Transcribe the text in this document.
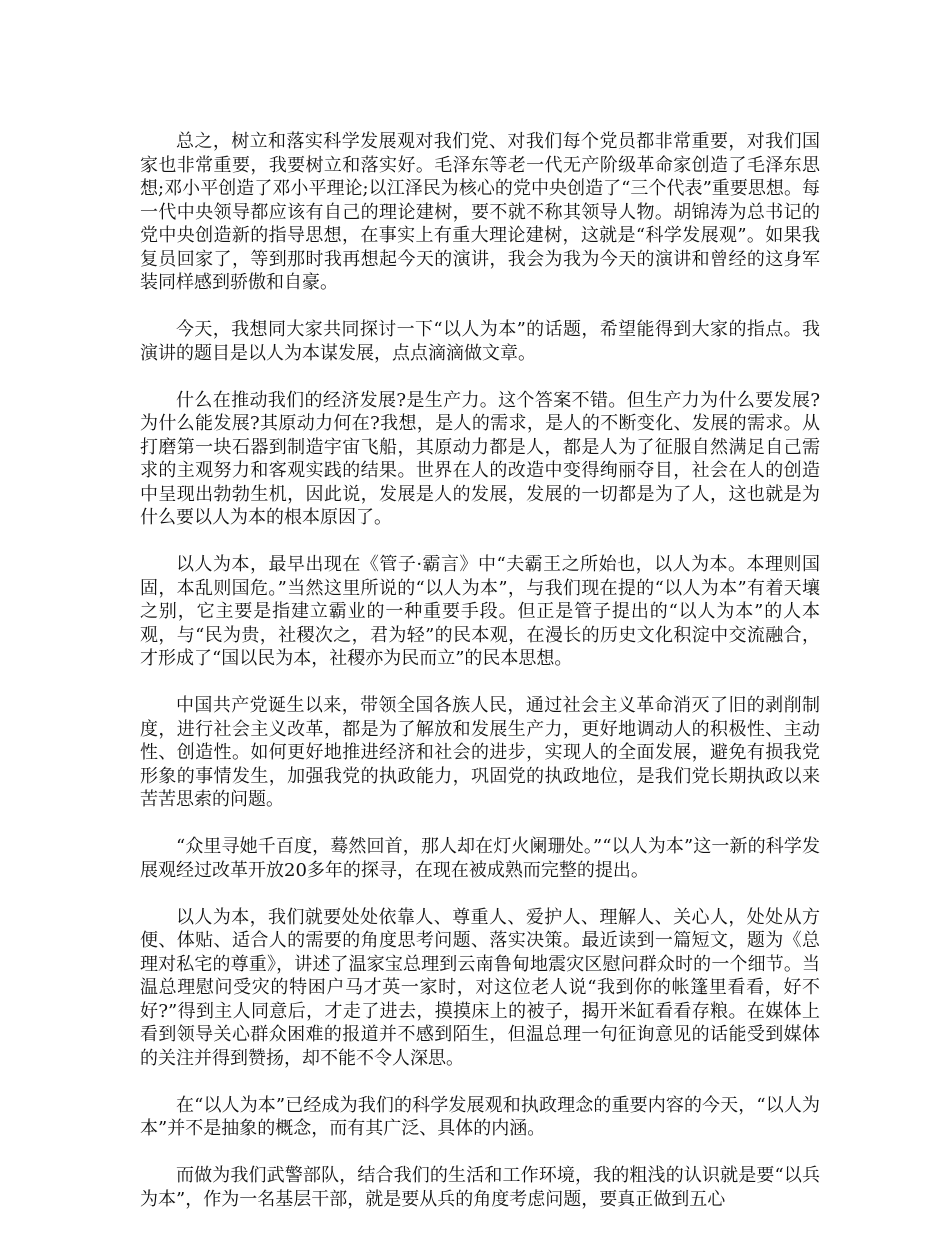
总之，树立和落实科学发展观对我们党、对我们每个党员都非常重要，对我们国家也非常重要，我要树立和落实好。毛泽东等老一代无产阶级革命家创造了毛泽东思想;邓小平创造了邓小平理论;以江泽民为核心的党中央创造了“三个代表”重要思想。每一代中央领导都应该有自己的理论建树，要不就不称其领导人物。胡锦涛为总书记的党中央创造新的指导思想，在事实上有重大理论建树，这就是“科学发展观”。如果我复员回家了，等到那时我再想起今天的演讲，我会为我为今天的演讲和曾经的这身军装同样感到骄傲和自豪。

今天，我想同大家共同探讨一下“以人为本”的话题，希望能得到大家的指点。我演讲的题目是以人为本谋发展，点点滴滴做文章。

什么在推动我们的经济发展?是生产力。这个答案不错。但生产力为什么要发展?为什么能发展?其原动力何在?我想，是人的需求，是人的不断变化、发展的需求。从打磨第一块石器到制造宇宙飞船，其原动力都是人，都是人为了征服自然满足自己需求的主观努力和客观实践的结果。世界在人的改造中变得绚丽夺目，社会在人的创造中呈现出勃勃生机，因此说，发展是人的发展，发展的一切都是为了人，这也就是为什么要以人为本的根本原因了。

以人为本，最早出现在《管子·霸言》中“夫霸王之所始也，以人为本。本理则国固，本乱则国危。”当然这里所说的“以人为本”，与我们现在提的“以人为本”有着天壤之别，它主要是指建立霸业的一种重要手段。但正是管子提出的“以人为本”的人本观，与“民为贵，社稷次之，君为轻”的民本观，在漫长的历史文化积淀中交流融合，才形成了“国以民为本，社稷亦为民而立”的民本思想。

中国共产党诞生以来，带领全国各族人民，通过社会主义革命消灭了旧的剥削制度，进行社会主义改革，都是为了解放和发展生产力，更好地调动人的积极性、主动性、创造性。如何更好地推进经济和社会的进步，实现人的全面发展，避免有损我党形象的事情发生，加强我党的执政能力，巩固党的执政地位，是我们党长期执政以来苦苦思索的问题。

“众里寻她千百度，蓦然回首，那人却在灯火阑珊处。”“以人为本”这一新的科学发展观经过改革开放20多年的探寻，在现在被成熟而完整的提出。

以人为本，我们就要处处依靠人、尊重人、爱护人、理解人、关心人，处处从方便、体贴、适合人的需要的角度思考问题、落实决策。最近读到一篇短文，题为《总理对私宅的尊重》，讲述了温家宝总理到云南鲁甸地震灾区慰问群众时的一个细节。当温总理慰问受灾的特困户马才英一家时，对这位老人说“我到你的帐篷里看看，好不好?”得到主人同意后，才走了进去，摸摸床上的被子，揭开米缸看看存粮。在媒体上看到领导关心群众困难的报道并不感到陌生，但温总理一句征询意见的话能受到媒体的关注并得到赞扬，却不能不令人深思。

在“以人为本”已经成为我们的科学发展观和执政理念的重要内容的今天，“以人为本”并不是抽象的概念，而有其广泛、具体的内涵。

而做为我们武警部队，结合我们的生活和工作环境，我的粗浅的认识就是要“以兵为本”，作为一名基层干部，就是要从兵的角度考虑问题，要真正做到五心
